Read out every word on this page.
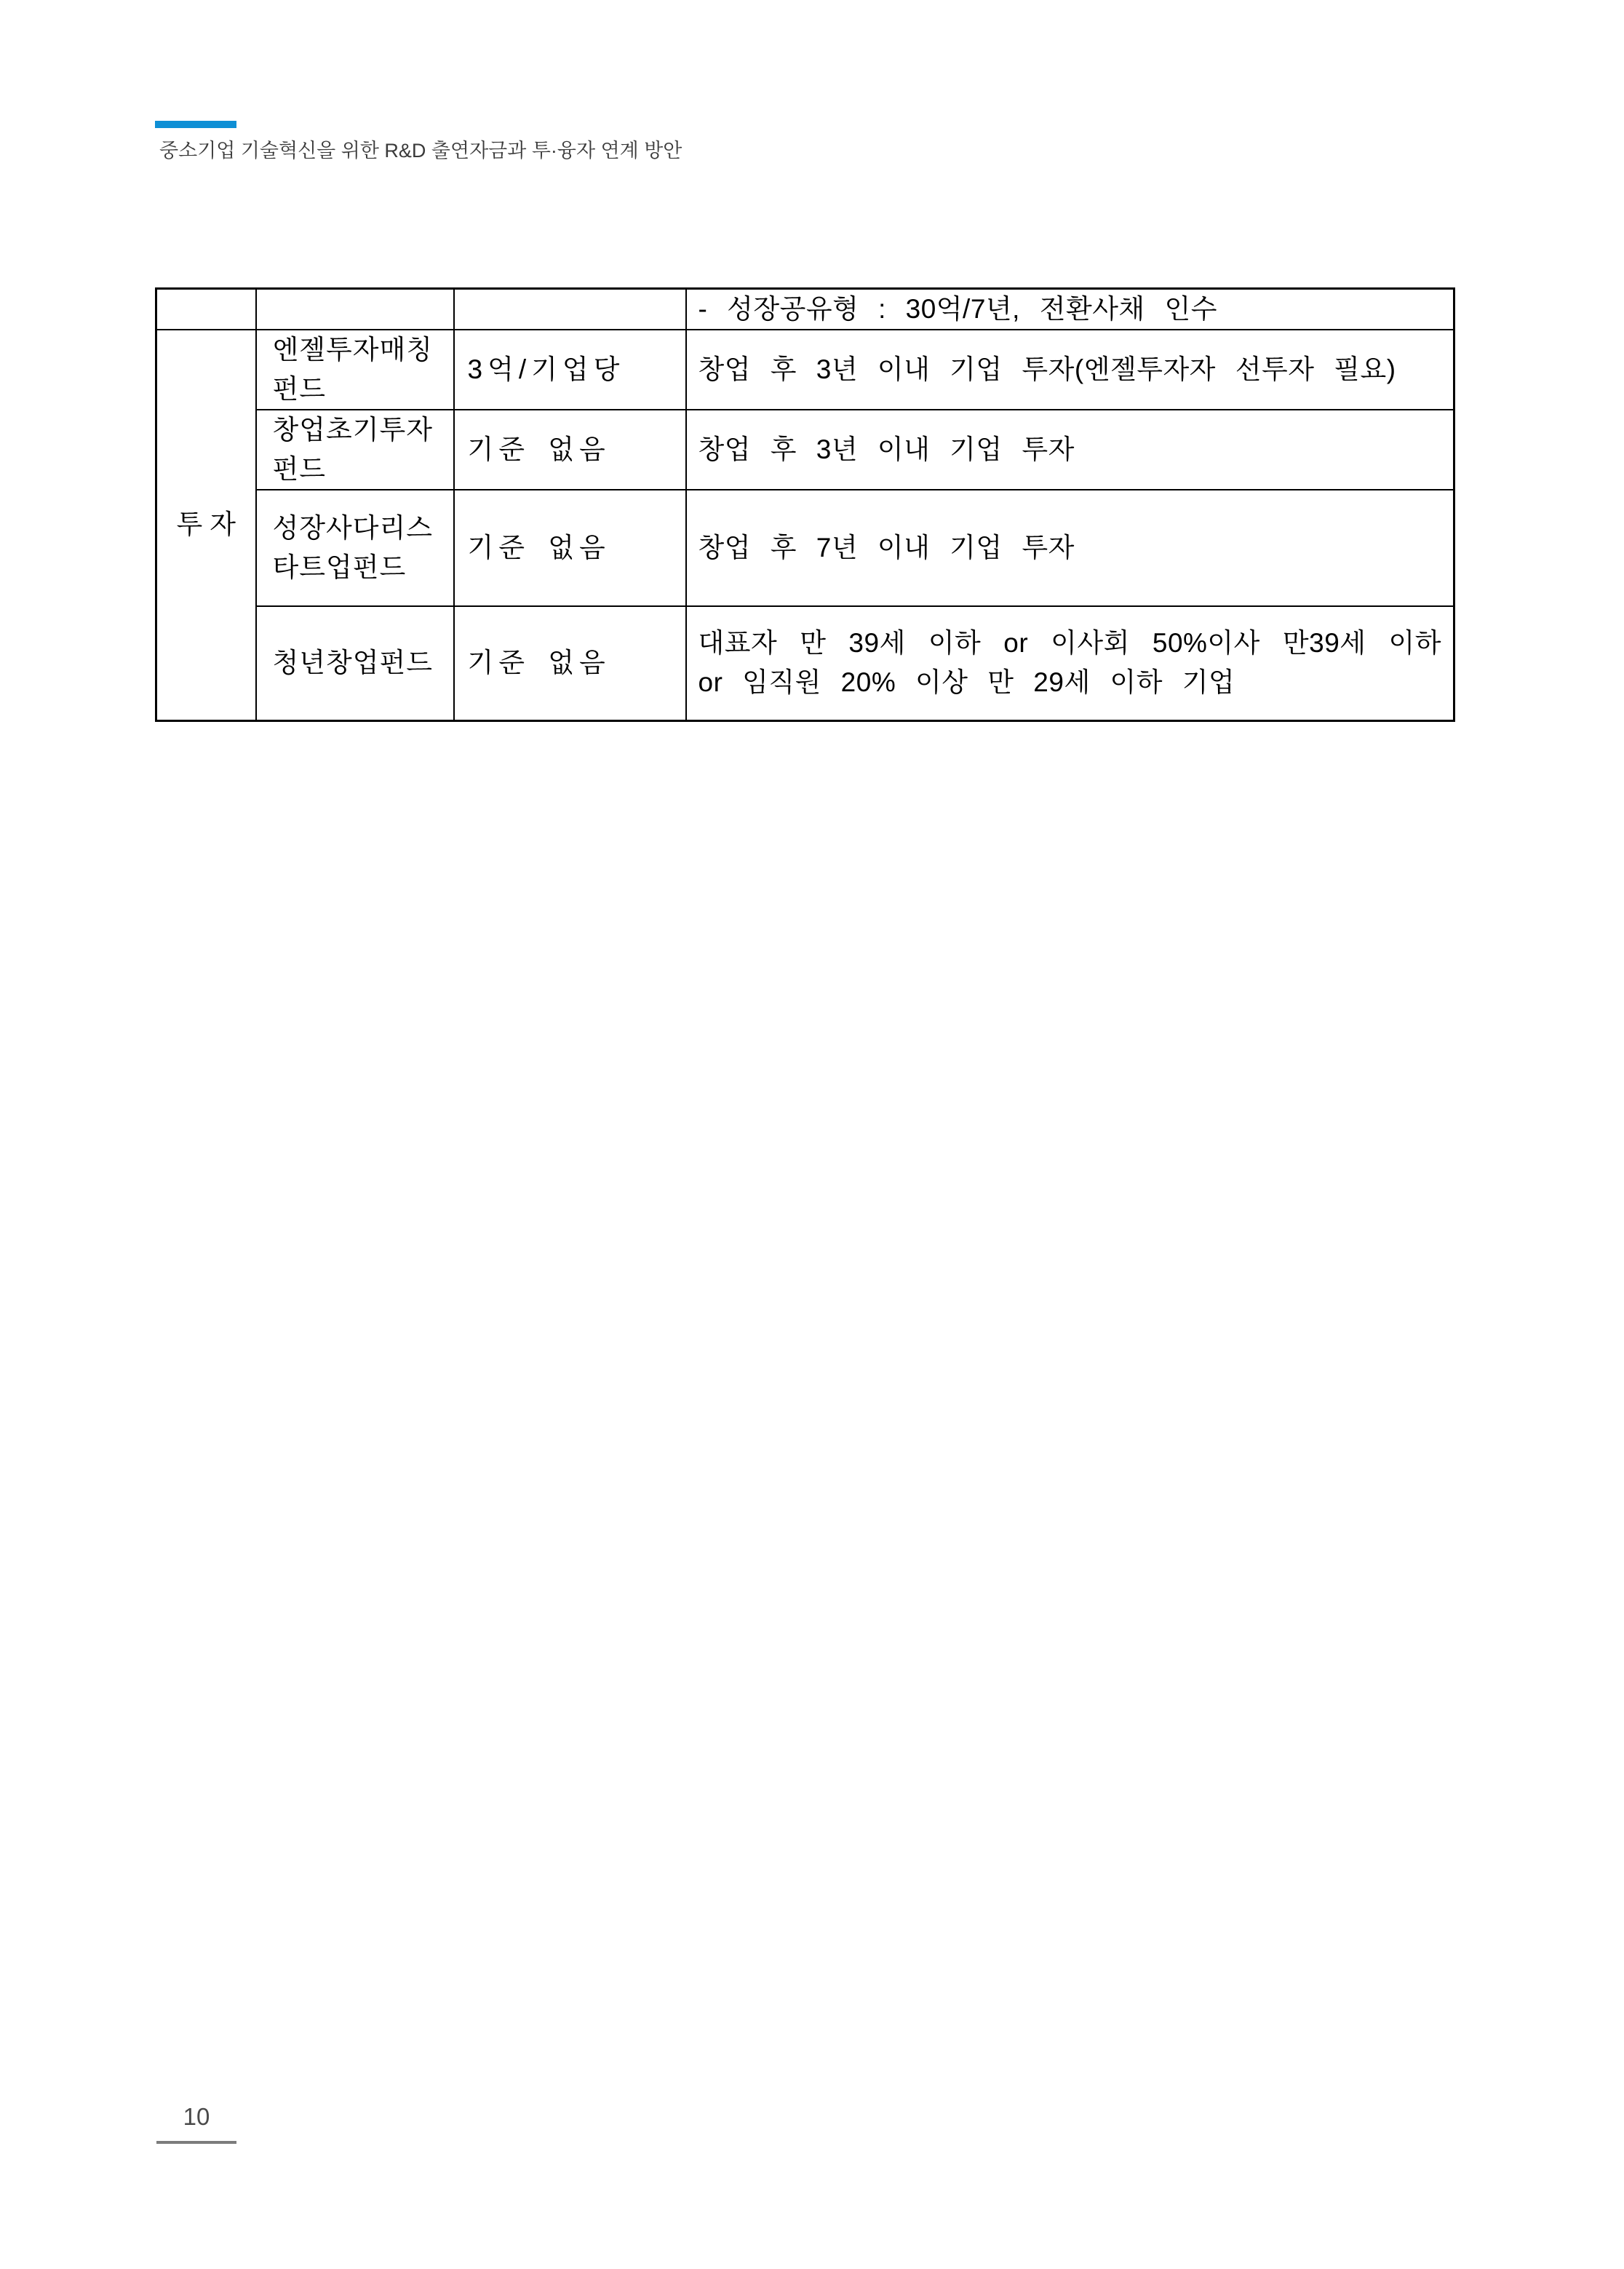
중소기업 기술혁신을 위한 R&D 출연자금과 투·융자 연계 방안
			- 성장공유형 : 30억/7년, 전환사채 인수
투자	엔젤투자매칭펀드	3억/기업당	창업 후 3년 이내 기업 투자(엔젤투자자 선투자 필요)
	창업초기투자펀드	기준 없음	창업 후 3년 이내 기업 투자
	성장사다리스타트업펀드	기준 없음	창업 후 7년 이내 기업 투자
	청년창업펀드	기준 없음	대표자 만 39세 이하 or 이사회 50%이사 만39세 이하 or 임직원 20% 이상 만 29세 이하 기업
10
